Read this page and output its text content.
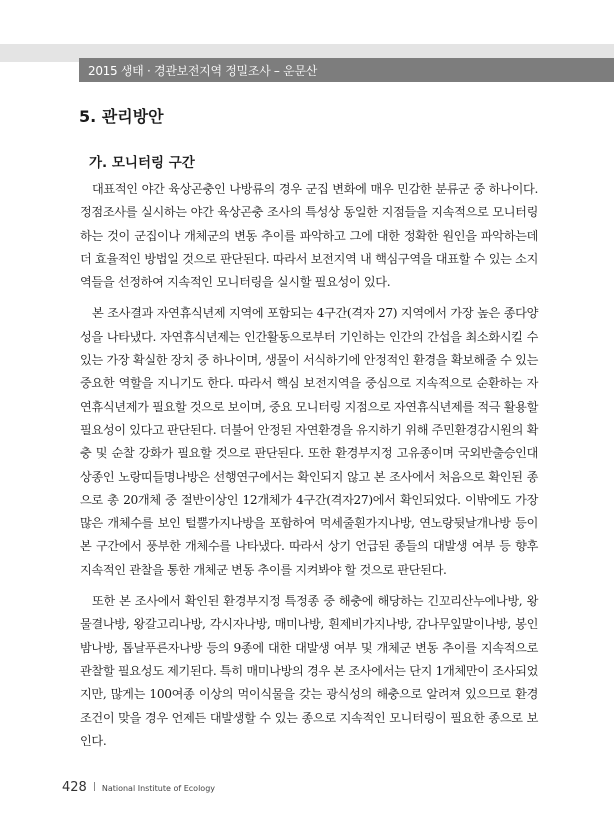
2015 생태 · 경관보전지역 정밀조사 – 운문산
5. 관리방안
가. 모니터링 구간

대표적인 야간 육상곤충인 나방류의 경우 군집 변화에 매우 민감한 분류군 중 하나이다. 정점조사를 실시하는 야간 육상곤충 조사의 특성상 동일한 지점들을 지속적으로 모니터링하는 것이 군집이나 개체군의 변동 추이를 파악하고 그에 대한 정확한 원인을 파악하는데 더 효율적인 방법일 것으로 판단된다. 따라서 보전지역 내 핵심구역을 대표할 수 있는 소지역들을 선정하여 지속적인 모니터링을 실시할 필요성이 있다.

본 조사결과 자연휴식년제 지역에 포함되는 4구간(격자 27) 지역에서 가장 높은 종다양성을 나타냈다. 자연휴식년제는 인간활동으로부터 기인하는 인간의 간섭을 최소화시킬 수 있는 가장 확실한 장치 중 하나이며, 생물이 서식하기에 안정적인 환경을 확보해줄 수 있는 중요한 역할을 지니기도 한다. 따라서 핵심 보전지역을 중심으로 지속적으로 순환하는 자연휴식년제가 필요할 것으로 보이며, 중요 모니터링 지점으로 자연휴식년제를 적극 활용할 필요성이 있다고 판단된다. 더불어 안정된 자연환경을 유지하기 위해 주민환경감시원의 확충 및 순찰 강화가 필요할 것으로 판단된다. 또한 환경부지정 고유종이며 국외반출승인대상종인 노랑띠들명나방은 선행연구에서는 확인되지 않고 본 조사에서 처음으로 확인된 종으로 총 20개체 중 절반이상인 12개체가 4구간(격자27)에서 확인되었다. 이밖에도 가장 많은 개체수를 보인 털뿔가지나방을 포함하여 먹세줄흰가지나방, 연노랑뒷날개나방 등이 본 구간에서 풍부한 개체수를 나타냈다. 따라서 상기 언급된 종들의 대발생 여부 등 향후 지속적인 관찰을 통한 개체군 변동 추이를 지켜봐야 할 것으로 판단된다.

또한 본 조사에서 확인된 환경부지정 특정종 중 해충에 해당하는 긴꼬리산누에나방, 왕물결나방, 왕갈고리나방, 각시자나방, 매미나방, 흰제비가지나방, 감나무잎말이나방, 봉인밤나방, 톱날푸른자나방 등의 9종에 대한 대발생 여부 및 개체군 변동 추이를 지속적으로 관찰할 필요성도 제기된다. 특히 매미나방의 경우 본 조사에서는 단지 1개체만이 조사되었지만, 많게는 100여종 이상의 먹이식물을 갖는 광식성의 해충으로 알려져 있으므로 환경조건이 맞을 경우 언제든 대발생할 수 있는 종으로 지속적인 모니터링이 필요한 종으로 보인다.

428 National Institute of Ecology
